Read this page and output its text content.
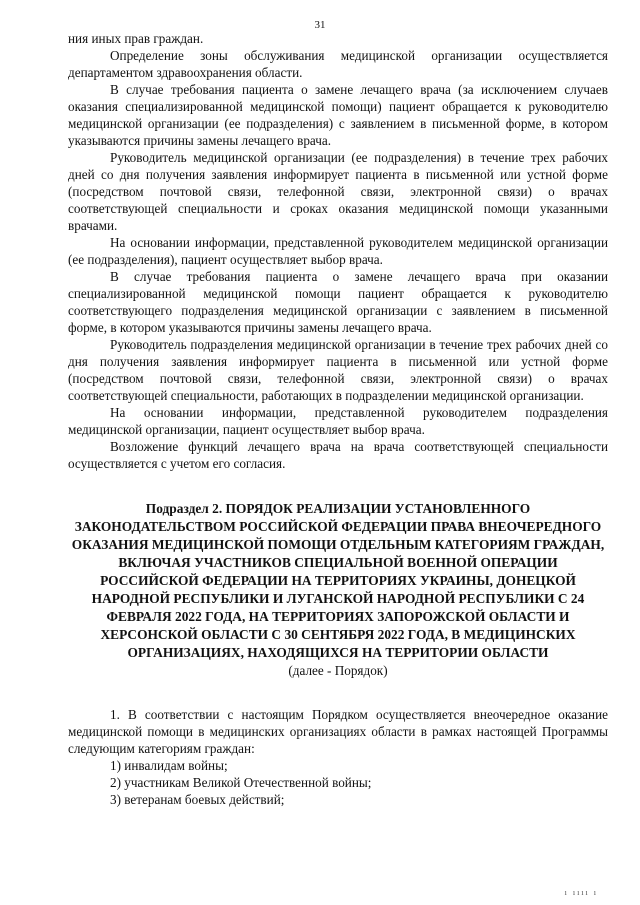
31

ния иных прав граждан.

Определение зоны обслуживания медицинской организации осуществляется департаментом здравоохранения области.

В случае требования пациента о замене лечащего врача (за исключением случаев оказания специализированной медицинской помощи) пациент обращается к руководителю медицинской организации (ее подразделения) с заявлением в письменной форме, в котором указываются причины замены лечащего врача.

Руководитель медицинской организации (ее подразделения) в течение трех рабочих дней со дня получения заявления информирует пациента в письменной или устной форме (посредством почтовой связи, телефонной связи, электронной связи) о врачах соответствующей специальности и сроках оказания медицинской помощи указанными врачами.

На основании информации, представленной руководителем медицинской организации (ее подразделения), пациент осуществляет выбор врача.

В случае требования пациента о замене лечащего врача при оказании специализированной медицинской помощи пациент обращается к руководителю соответствующего подразделения медицинской организации с заявлением в письменной форме, в котором указываются причины замены лечащего врача.

Руководитель подразделения медицинской организации в течение трех рабочих дней со дня получения заявления информирует пациента в письменной или устной форме (посредством почтовой связи, телефонной связи, электронной связи) о врачах соответствующей специальности, работающих в подразделении медицинской организации.

На основании информации, представленной руководителем подразделения медицинской организации, пациент осуществляет выбор врача.

Возложение функций лечащего врача на врача соответствующей специальности осуществляется с учетом его согласия.

Подраздел 2. ПОРЯДОК РЕАЛИЗАЦИИ УСТАНОВЛЕННОГО ЗАКОНОДАТЕЛЬСТВОМ РОССИЙСКОЙ ФЕДЕРАЦИИ ПРАВА ВНЕОЧЕРЕДНОГО ОКАЗАНИЯ МЕДИЦИНСКОЙ ПОМОЩИ ОТДЕЛЬНЫМ КАТЕГОРИЯМ ГРАЖДАН, ВКЛЮЧАЯ УЧАСТНИКОВ СПЕЦИАЛЬНОЙ ВОЕННОЙ ОПЕРАЦИИ РОССИЙСКОЙ ФЕДЕРАЦИИ НА ТЕРРИТОРИЯХ УКРАИНЫ, ДОНЕЦКОЙ НАРОДНОЙ РЕСПУБЛИКИ И ЛУГАНСКОЙ НАРОДНОЙ РЕСПУБЛИКИ С 24 ФЕВРАЛЯ 2022 ГОДА, НА ТЕРРИТОРИЯХ ЗАПОРОЖСКОЙ ОБЛАСТИ И ХЕРСОНСКОЙ ОБЛАСТИ С 30 СЕНТЯБРЯ 2022 ГОДА, В МЕДИЦИНСКИХ ОРГАНИЗАЦИЯХ, НАХОДЯЩИХСЯ НА ТЕРРИТОРИИ ОБЛАСТИ
(далее - Порядок)

1. В соответствии с настоящим Порядком осуществляется внеочередное оказание медицинской помощи в медицинских организациях области в рамках настоящей Программы следующим категориям граждан:

1) инвалидам войны;

2) участникам Великой Отечественной войны;

3) ветеранам боевых действий;

ı ıııı ı
